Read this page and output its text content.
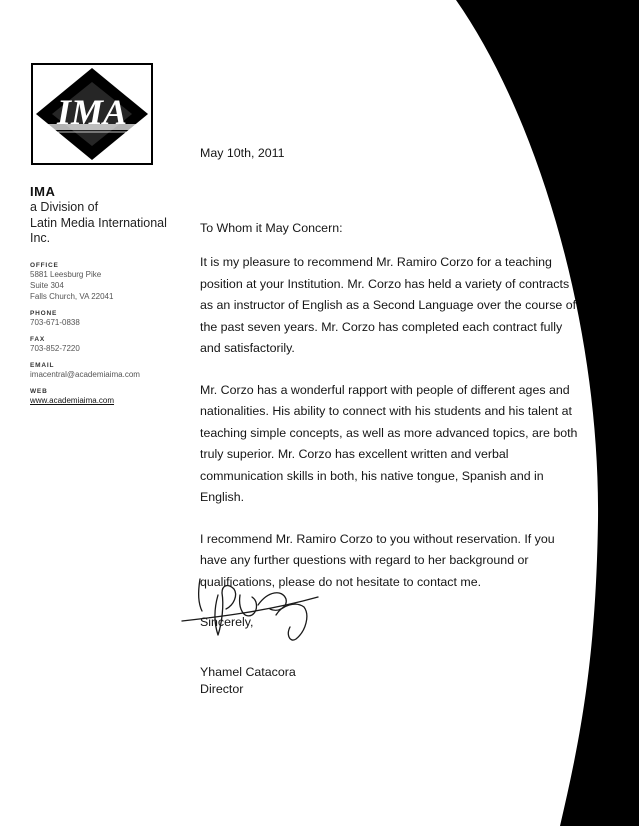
IMA
IMA
a Division of
Latin Media International Inc.
OFFICE
5881 Leesburg Pike
Suite 304
Falls Church, VA 22041
PHONE
703-671-0838
FAX
703-852-7220
EMAIL
imacentral@academiaima.com
WEB
www.academiaima.com

May 10th, 2011

To Whom it May Concern:

It is my pleasure to recommend Mr. Ramiro Corzo for a teaching position at your Institution. Mr. Corzo has held a variety of contracts as an instructor of English as a Second Language over the course of the past seven years. Mr. Corzo has completed each contract fully and satisfactorily.

Mr. Corzo has a wonderful rapport with people of different ages and nationalities. His ability to connect with his students and his talent at teaching simple concepts, as well as more advanced topics, are both truly superior. Mr. Corzo has excellent written and verbal communication skills in both, his native tongue, Spanish and in English.

I recommend Mr. Ramiro Corzo to you without reservation. If you have any further questions with regard to her background or qualifications, please do not hesitate to contact me.

Sincerely,
Yhamel Catacora
Director
